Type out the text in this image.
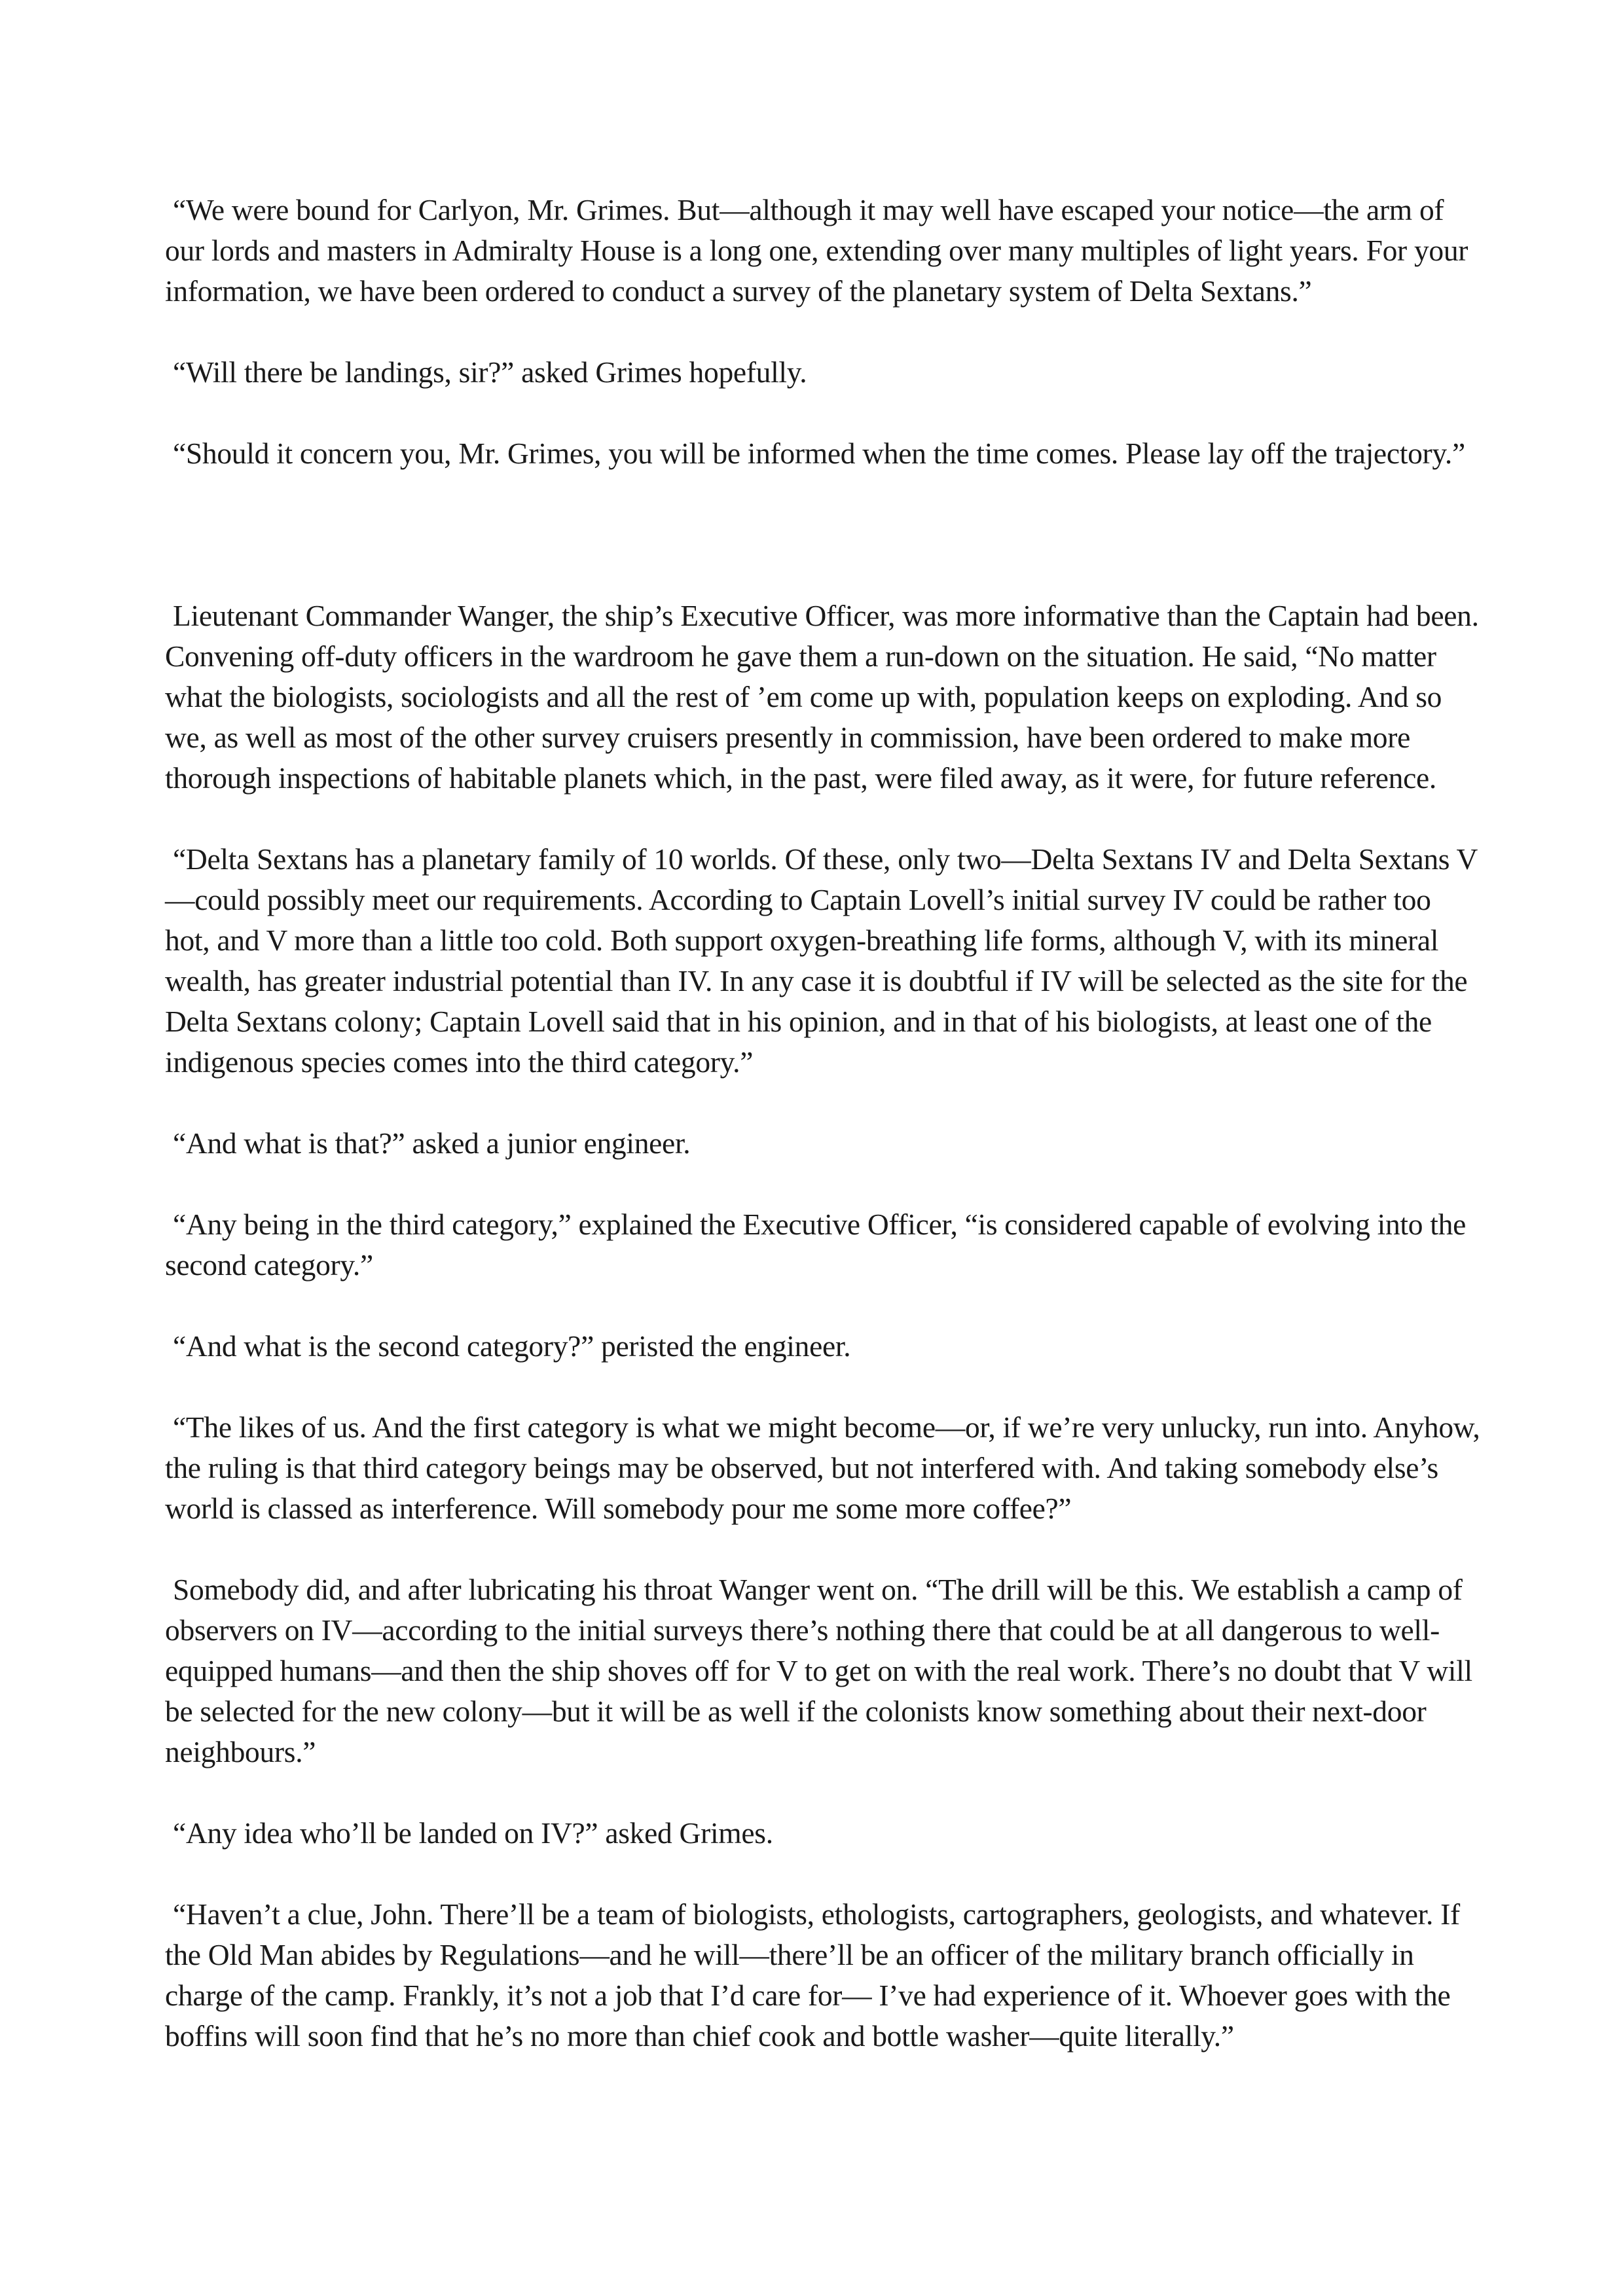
“We were bound for Carlyon, Mr. Grimes. But—although it may well have escaped your notice—the arm of our lords and masters in Admiralty House is a long one, extending over many multiples of light years. For your information, we have been ordered to conduct a survey of the planetary system of Delta Sextans.”

“Will there be landings, sir?” asked Grimes hopefully.

“Should it concern you, Mr. Grimes, you will be informed when the time comes. Please lay off the trajectory.”

Lieutenant Commander Wanger, the ship’s Executive Officer, was more informative than the Captain had been. Convening off-duty officers in the wardroom he gave them a run-down on the situation. He said, “No matter what the biologists, sociologists and all the rest of ’em come up with, population keeps on exploding. And so we, as well as most of the other survey cruisers presently in commission, have been ordered to make more thorough inspections of habitable planets which, in the past, were filed away, as it were, for future reference.

“Delta Sextans has a planetary family of 10 worlds. Of these, only two—Delta Sextans IV and Delta Sextans V—could possibly meet our requirements. According to Captain Lovell’s initial survey IV could be rather too hot, and V more than a little too cold. Both support oxygen-breathing life forms, although V, with its mineral wealth, has greater industrial potential than IV. In any case it is doubtful if IV will be selected as the site for the Delta Sextans colony; Captain Lovell said that in his opinion, and in that of his biologists, at least one of the indigenous species comes into the third category.”

“And what is that?” asked a junior engineer.

“Any being in the third category,” explained the Executive Officer, “is considered capable of evolving into the second category.”

“And what is the second category?” peristed the engineer.

“The likes of us. And the first category is what we might become—or, if we’re very unlucky, run into. Anyhow, the ruling is that third category beings may be observed, but not interfered with. And taking somebody else’s world is classed as interference. Will somebody pour me some more coffee?”

Somebody did, and after lubricating his throat Wanger went on. “The drill will be this. We establish a camp of observers on IV—according to the initial surveys there’s nothing there that could be at all dangerous to well-equipped humans—and then the ship shoves off for V to get on with the real work. There’s no doubt that V will be selected for the new colony—but it will be as well if the colonists know something about their next-door neighbours.”

“Any idea who’ll be landed on IV?” asked Grimes.

“Haven’t a clue, John. There’ll be a team of biologists, ethologists, cartographers, geologists, and whatever. If the Old Man abides by Regulations—and he will—there’ll be an officer of the military branch officially in charge of the camp. Frankly, it’s not a job that I’d care for— I’ve had experience of it. Whoever goes with the boffins will soon find that he’s no more than chief cook and bottle washer—quite literally.”
